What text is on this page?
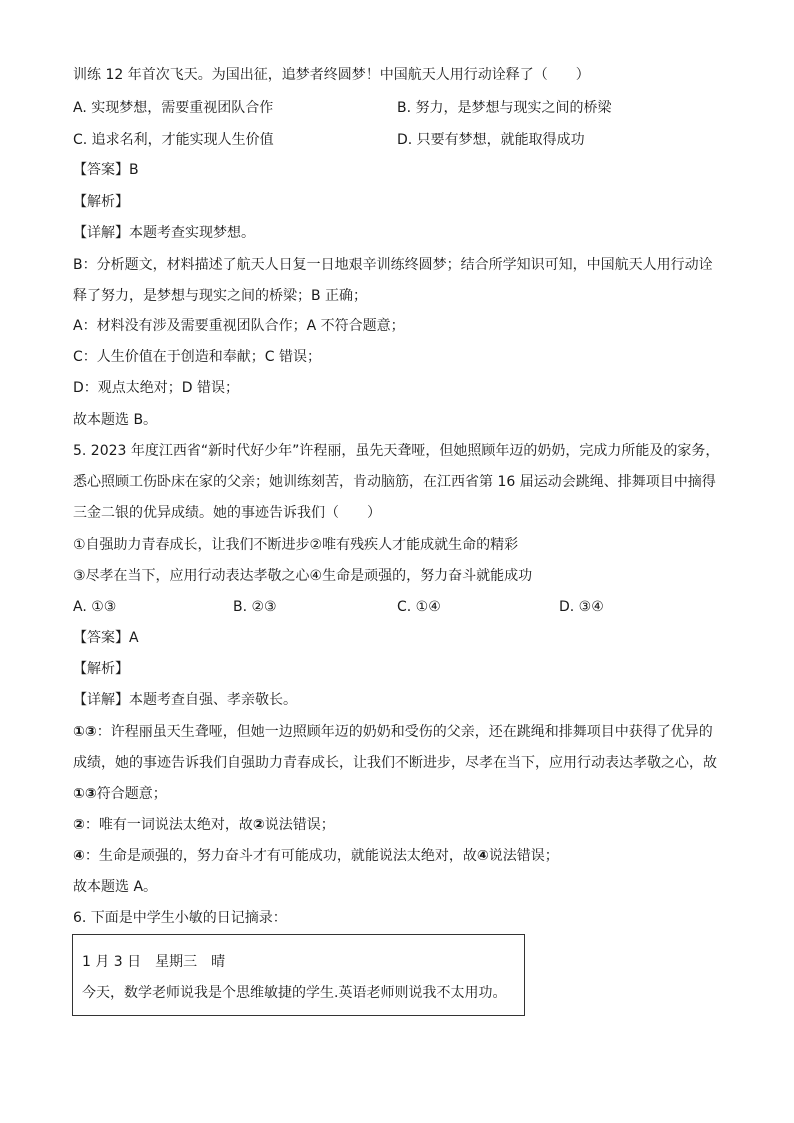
训练 12 年首次飞天。为国出征，追梦者终圆梦！中国航天人用行动诠释了（　　）
A. 实现梦想，需要重视团队合作	B. 努力，是梦想与现实之间的桥梁
C. 追求名利，才能实现人生价值	D. 只要有梦想，就能取得成功
【答案】B
【解析】
【详解】本题考查实现梦想。
B：分析题文，材料描述了航天人日复一日地艰辛训练终圆梦；结合所学知识可知，中国航天人用行动诠
释了努力，是梦想与现实之间的桥梁；B 正确；
A：材料没有涉及需要重视团队合作；A 不符合题意；
C：人生价值在于创造和奉献；C 错误；
D：观点太绝对；D 错误；
故本题选 B。
5. 2023 年度江西省“新时代好少年”许程丽，虽先天聋哑，但她照顾年迈的奶奶，完成力所能及的家务，
悉心照顾工伤卧床在家的父亲；她训练刻苦，肯动脑筋，在江西省第 16 届运动会跳绳、排舞项目中摘得
三金二银的优异成绩。她的事迹告诉我们（　　）
①自强助力青春成长，让我们不断进步②唯有残疾人才能成就生命的精彩
③尽孝在当下，应用行动表达孝敬之心④生命是顽强的，努力奋斗就能成功
A. ①③	B. ②③	C. ①④	D. ③④
【答案】A
【解析】
【详解】本题考查自强、孝亲敬长。
①③：许程丽虽天生聋哑，但她一边照顾年迈的奶奶和受伤的父亲，还在跳绳和排舞项目中获得了优异的
成绩，她的事迹告诉我们自强助力青春成长，让我们不断进步，尽孝在当下，应用行动表达孝敬之心，故
①③符合题意；
②：唯有一词说法太绝对，故②说法错误；
④：生命是顽强的，努力奋斗才有可能成功，就能说法太绝对，故④说法错误；
故本题选 A。
6. 下面是中学生小敏的日记摘录：
1 月 3 日　星期三　晴
今天，数学老师说我是个思维敏捷的学生.英语老师则说我不太用功。
